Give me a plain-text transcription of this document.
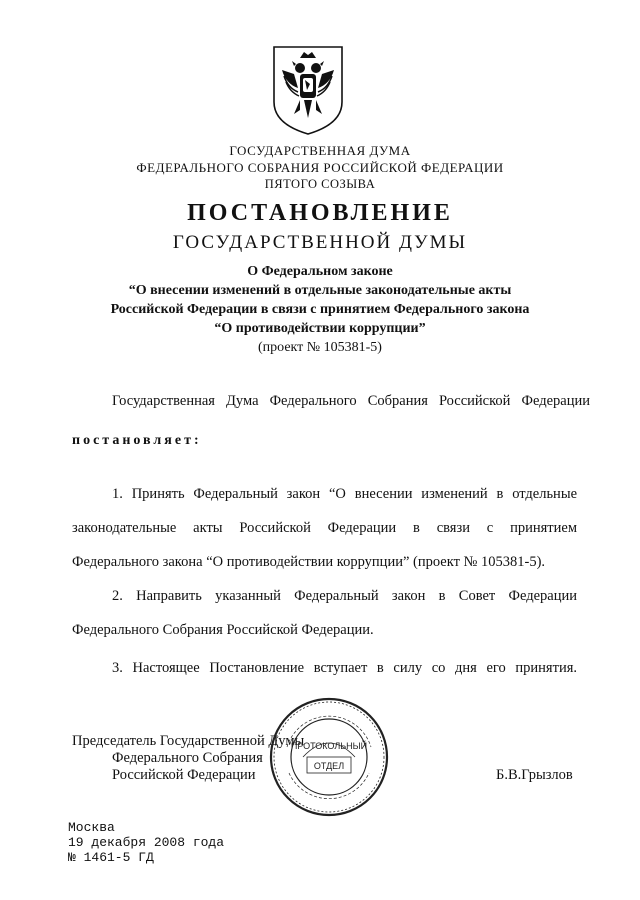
ГОСУДАРСТВЕННАЯ ДУМА
ФЕДЕРАЛЬНОГО СОБРАНИЯ РОССИЙСКОЙ ФЕДЕРАЦИИ
ПЯТОГО СОЗЫВА
ПОСТАНОВЛЕНИЕ
ГОСУДАРСТВЕННОЙ ДУМЫ
О Федеральном законе
“О внесении изменений в отдельные законодательные акты
Российской Федерации в связи с принятием Федерального закона
“О противодействии коррупции”
(проект № 105381-5)
Государственная Дума Федерального Собрания Российской Федерации
постановляет:
1. Принять Федеральный закон “О внесении изменений в отдельные
законодательные акты Российской Федерации в связи с принятием
Федерального закона “О противодействии коррупции” (проект № 105381-5).
2. Направить указанный Федеральный закон в Совет Федерации
Федерального Собрания Российской Федерации.
3. Настоящее Постановление вступает в силу со дня его принятия.
Председатель Государственной Думы
Федерального Собрания
Российской Федерации	Б.В.Грызлов
ПРОТОКОЛЬНЫЙ
ОТДЕЛ
Москва
19 декабря 2008 года
№ 1461-5 ГД
